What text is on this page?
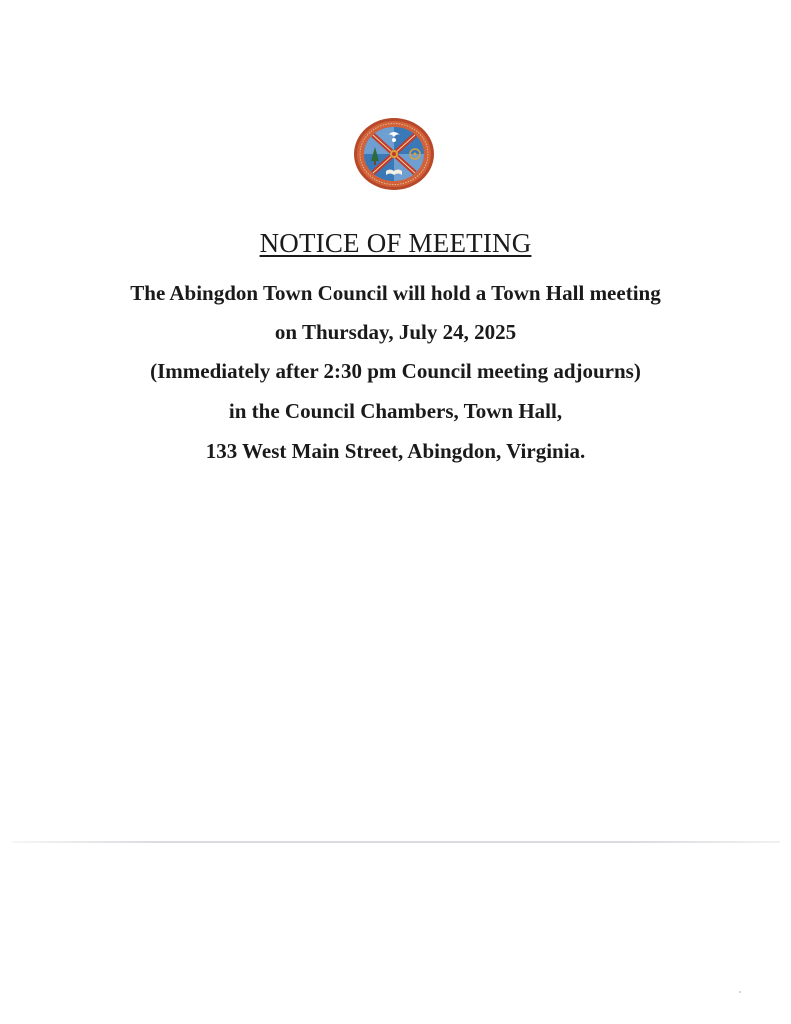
NOTICE OF MEETING

The Abingdon Town Council will hold a Town Hall meeting

on Thursday, July 24, 2025

(Immediately after 2:30 pm Council meeting adjourns)

in the Council Chambers, Town Hall,

133 West Main Street, Abingdon, Virginia.
